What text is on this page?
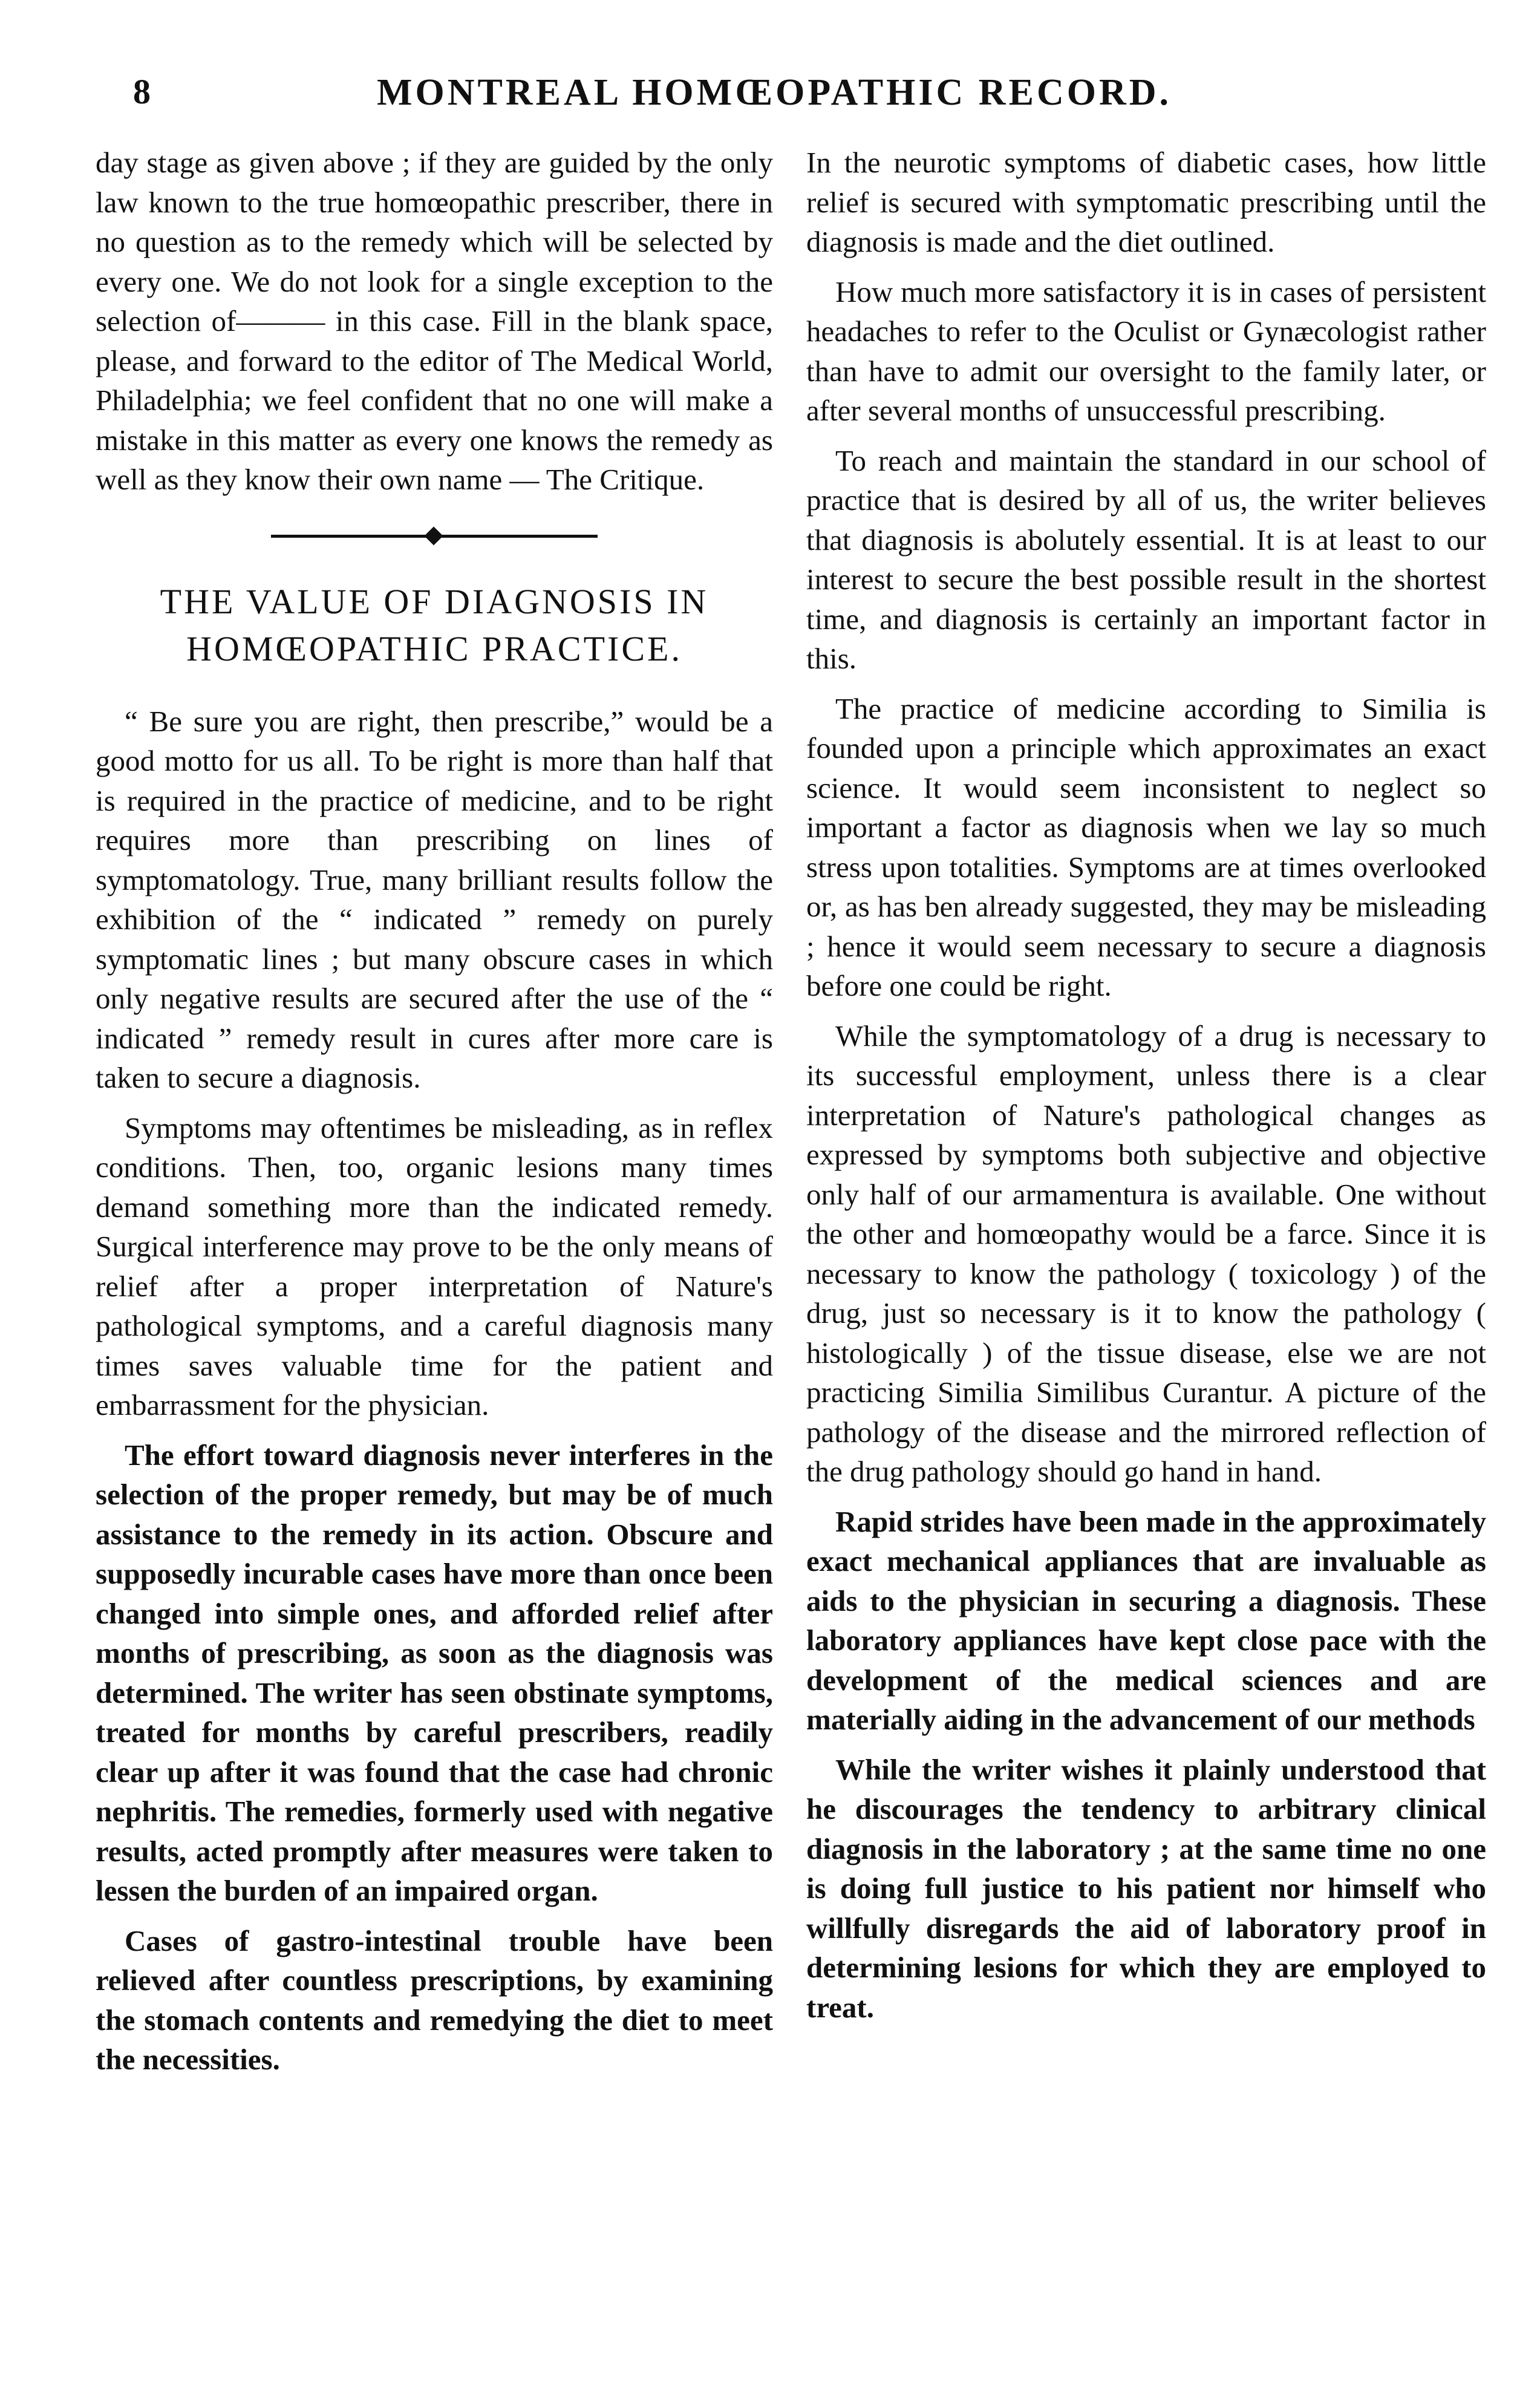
8	MONTREAL HOMŒOPATHIC RECORD.

day stage as given above ; if they are guided by the only law known to the true homœopathic prescriber, there in no question as to the remedy which will be selected by every one. We do not look for a single exception to the selection of——— in this case. Fill in the blank space, please, and forward to the editor of The Medical World, Philadelphia; we feel confident that no one will make a mistake in this matter as every one knows the remedy as well as they know their own name — The Critique.

THE VALUE OF DIAGNOSIS IN HOMŒOPATHIC PRACTICE.

“ Be sure you are right, then prescribe,” would be a good motto for us all. To be right is more than half that is required in the practice of medicine, and to be right requires more than prescribing on lines of symptomatology. True, many brilliant results follow the exhibition of the “ indicated ” remedy on purely symptomatic lines ; but many obscure cases in which only negative results are secured after the use of the “ indicated ” remedy result in cures after more care is taken to secure a diagnosis.

Symptoms may oftentimes be misleading, as in reflex conditions. Then, too, organic lesions many times demand something more than the indicated remedy. Surgical interference may prove to be the only means of relief after a proper interpretation of Nature's pathological symptoms, and a careful diagnosis many times saves valuable time for the patient and embarrassment for the physician.

The effort toward diagnosis never interferes in the selection of the proper remedy, but may be of much assistance to the remedy in its action. Obscure and supposedly incurable cases have more than once been changed into simple ones, and afforded relief after months of prescribing, as soon as the diagnosis was determined. The writer has seen obstinate symptoms, treated for months by careful prescribers, readily clear up after it was found that the case had chronic nephritis. The remedies, formerly used with negative results, acted promptly after measures were taken to lessen the burden of an impaired organ.

Cases of gastro-intestinal trouble have been relieved after countless prescriptions, by examining the stomach contents and remedying the diet to meet the necessities.

In the neurotic symptoms of diabetic cases, how little relief is secured with symptomatic prescribing until the diagnosis is made and the diet outlined.

How much more satisfactory it is in cases of persistent headaches to refer to the Oculist or Gynæcologist rather than have to admit our oversight to the family later, or after several months of unsuccessful prescribing.

To reach and maintain the standard in our school of practice that is desired by all of us, the writer believes that diagnosis is abolutely essential. It is at least to our interest to secure the best possible result in the shortest time, and diagnosis is certainly an important factor in this.

The practice of medicine according to Similia is founded upon a principle which approximates an exact science. It would seem inconsistent to neglect so important a factor as diagnosis when we lay so much stress upon totalities. Symptoms are at times overlooked or, as has ben already suggested, they may be misleading ; hence it would seem necessary to secure a diagnosis before one could be right.

While the symptomatology of a drug is necessary to its successful employment, unless there is a clear interpretation of Nature's pathological changes as expressed by symptoms both subjective and objective only half of our armamentura is available. One without the other and homœopathy would be a farce. Since it is necessary to know the pathology ( toxicology ) of the drug, just so necessary is it to know the pathology ( histologically ) of the tissue disease, else we are not practicing Similia Similibus Curantur. A picture of the pathology of the disease and the mirrored reflection of the drug pathology should go hand in hand.

Rapid strides have been made in the approximately exact mechanical appliances that are invaluable as aids to the physician in securing a diagnosis. These laboratory appliances have kept close pace with the development of the medical sciences and are materially aiding in the advancement of our methods

While the writer wishes it plainly understood that he discourages the tendency to arbitrary clinical diagnosis in the laboratory ; at the same time no one is doing full justice to his patient nor himself who willfully disregards the aid of laboratory proof in determining lesions for which they are employed to treat.
